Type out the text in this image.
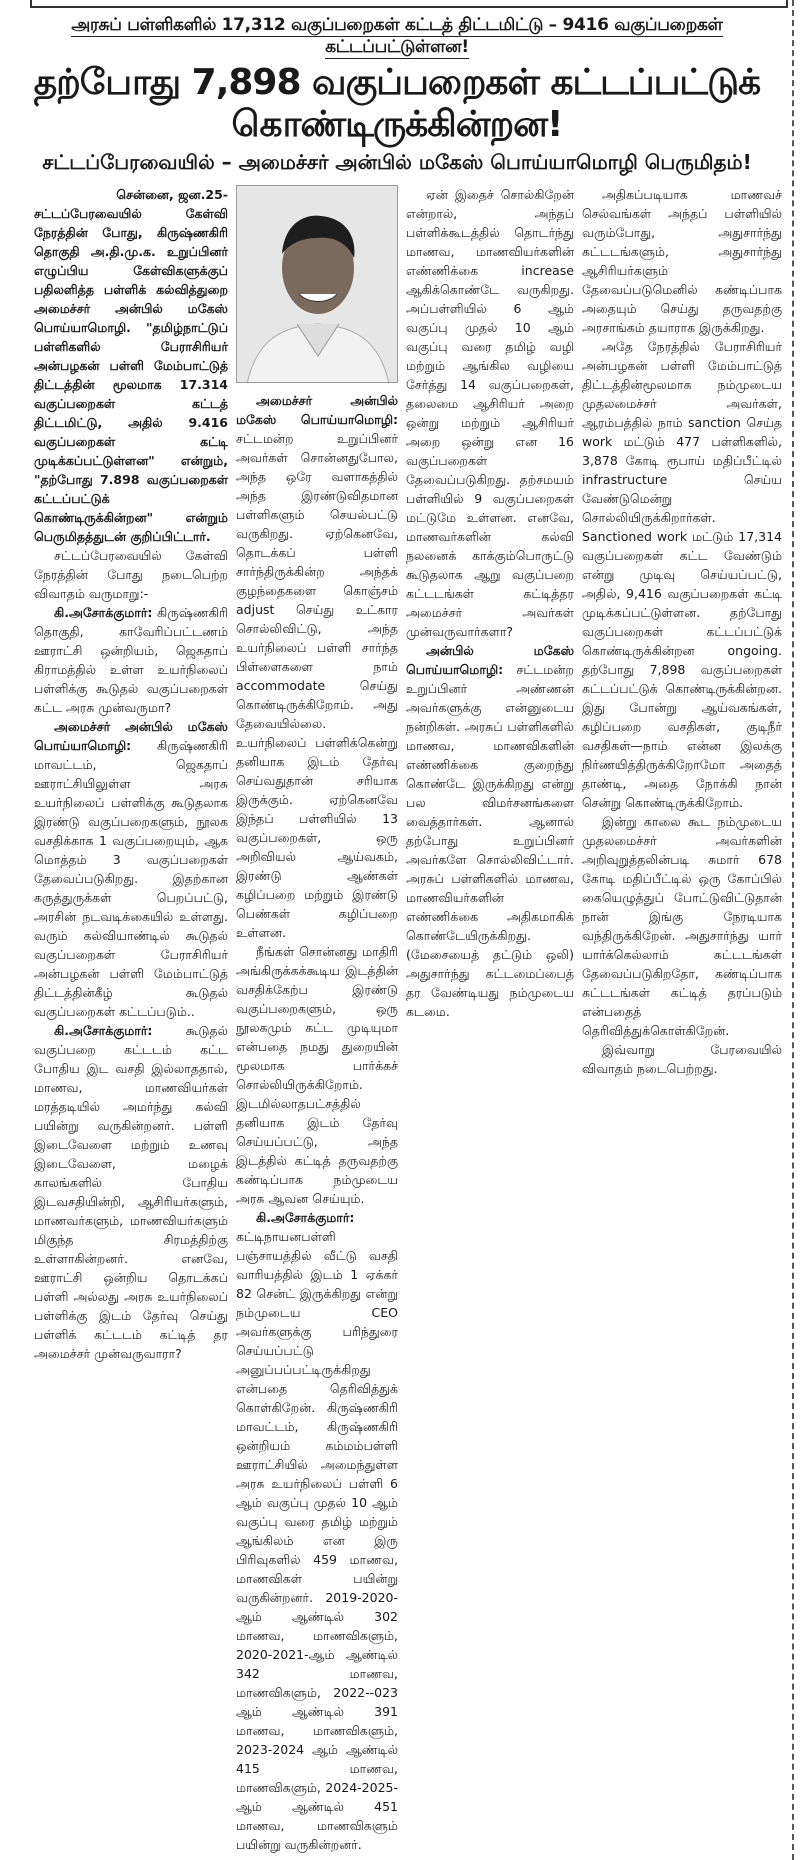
அரசுப் பள்ளிகளில் 17,312 வகுப்பறைகள் கட்டத் திட்டமிட்டு – 9416 வகுப்பறைகள் கட்டப்பட்டுள்ளன!
தற்போது 7,898 வகுப்பறைகள் கட்டப்பட்டுக் கொண்டிருக்கின்றன!
சட்டப்பேரவையில் – அமைச்சர் அன்பில் மகேஸ் பொய்யாமொழி பெருமிதம்!
சென்னை, ஜன.25-

சட்டப்பேரவையில் கேள்வி நேரத்தின் போது, கிருஷ்ணகிரி தொகுதி அ.தி.மு.க. உறுப்பினர் எழுப்பிய கேள்விகளுக்குப் பதிலளித்த பள்ளிக் கல்வித்துறை அமைச்சர் அன்பில் மகேஸ் பொய்யாமொழி. "தமிழ்நாட்டுப் பள்ளிகளில் பேராசிரியர் அன்பழகன் பள்ளி மேம்பாட்டுத் திட்டத்தின் மூலமாக 17.314 வகுப்பறைகள் கட்டத் திட்டமிட்டு, அதில் 9.416 வகுப்பறைகள் கட்டி முடிக்கப்பட்டுள்ளன" என்றும், "தற்போது 7.898 வகுப்பறைகள் கட்டப்பட்டுக் கொண்டிருக்கின்றன" என்றும் பெருமிதத்துடன் குறிப்பிட்டார்.

சட்டப்பேரவையில் கேள்வி நேரத்தின் போது நடைபெற்ற விவாதம் வருமாறு:-

கி.அசோக்குமார்: கிருஷ்ணகிரி தொகுதி, காவேரிப்பட்டணம் ஊராட்சி ஒன்றியம், ஜெகதாப் கிராமத்தில் உள்ள உயர்நிலைப் பள்ளிக்கு கூடுதல் வகுப்பறைகள் கட்ட அரசு முன்வருமா?

அமைச்சர் அன்பில் மகேஸ் பொய்யாமொழி: கிருஷ்ணகிரி மாவட்டம், ஜெகதாப் ஊராட்சியிலுள்ள அரசு உயர்நிலைப் பள்ளிக்கு கூடுதலாக இரண்டு வகுப்பறைகளும், நூலக வசதிக்காக 1 வகுப்பறையும், ஆக மொத்தம் 3 வகுப்பறைகள் தேவைப்படுகிறது. இதற்கான கருத்துருக்கள் பெறப்பட்டு, அரசின் நடவடிக்கையில் உள்ளது. வரும் கல்வியாண்டில் கூடுதல் வகுப்பறைகள் பேராசிரியர் அன்பழகன் பள்ளி மேம்பாட்டுத் திட்டத்தின்கீழ் கூடுதல் வகுப்பறைகள் கட்டப்படும்..

கி.அசோக்குமார்: கூடுதல் வகுப்பறை கட்டடம் கட்ட போதிய இட வசதி இல்லாததால், மாணவ, மாணவியர்கள் மரத்தடியில் அமர்ந்து கல்வி பயின்று வருகின்றனர். பள்ளி இடைவேளை மற்றும் உணவு இடைவேளை, மழைக் காலங்களில் போதிய இடவசதியின்றி, ஆசிரியர்களும், மாணவர்களும், மாணவியர்களும் மிகுந்த சிரமத்திற்கு உள்ளாகின்றனர். எனவே, ஊராட்சி ஒன்றிய தொடக்கப் பள்ளி அல்லது அரசு உயர்நிலைப் பள்ளிக்கு இடம் தேர்வு செய்து பள்ளிக் கட்டடம் கட்டித் தர அமைச்சர் முன்வருவாரா?

அமைச்சர் அன்பில் மகேஸ் பொய்யாமொழி: சட்டமன்ற உறுப்பினர் அவர்கள் சொன்னதுபோல, அந்த ஒரே வளாகத்தில் அந்த இரண்டுவிதமான பள்ளிகளும் செயல்பட்டு வருகிறது. ஏற்கெனவே, தொடக்கப் பள்ளி சார்ந்திருக்கின்ற அந்தக் குழந்தைகளை கொஞ்சம் adjust செய்து உட்கார சொல்லிவிட்டு, அந்த உயர்நிலைப் பள்ளி சார்ந்த பிள்ளைகளை நாம் accommodate செய்து கொண்டிருக்கிறோம். அது தேவையில்லை. உயர்நிலைப் பள்ளிக்கென்று தனியாக இடம் தேர்வு செய்வதுதான் சரியாக இருக்கும். ஏற்கெனவே இந்தப் பள்ளியில் 13 வகுப்பறைகள், ஒரு அறிவியல் ஆய்வகம், இரண்டு ஆண்கள் கழிப்பறை மற்றும் இரண்டு பெண்கள் கழிப்பறை உள்ளன.

நீங்கள் சொன்னது மாதிரி அங்கிருக்கக்கூடிய இடத்தின் வசதிக்கேற்ப இரண்டு வகுப்பறைகளும், ஒரு நூலகமும் கட்ட முடியுமா என்பதை நமது துறையின் மூலமாக பார்க்கச் சொல்லியிருக்கிறோம். இடமில்லாதபட்சத்தில் தனியாக இடம் தேர்வு செய்யப்பட்டு, அந்த இடத்தில் கட்டித் தருவதற்கு கண்டிப்பாக நம்முடைய அரசு ஆவன செய்யும்.

கி.அசோக்குமார்: கட்டிநாயனபள்ளி பஞ்சாயத்தில் வீட்டு வசதி வாரியத்தில் இடம் 1 ஏக்கர் 82 சென்ட் இருக்கிறது என்று நம்முடைய CEO அவர்களுக்கு பரிந்துரை செய்யப்பட்டு அனுப்பப்பட்டிருக்கிறது என்பதை தெரிவித்துக் கொள்கிறேன். கிருஷ்ணகிரி மாவட்டம், கிருஷ்ணகிரி ஒன்றியம் கம்மம்பள்ளி ஊராட்சியில் அமைந்துள்ள அரசு உயர்நிலைப் பள்ளி 6 ஆம் வகுப்பு முதல் 10 ஆம் வகுப்பு வரை தமிழ் மற்றும் ஆங்கிலம் என இரு பிரிவுகளில் 459 மாணவ, மாணவிகள் பயின்று வருகின்றனர். 2019-2020-ஆம் ஆண்டில் 302 மாணவ, மாணவிகளும், 2020-2021-ஆம் ஆண்டில் 342 மாணவ, மாணவிகளும், 2022--023 ஆம் ஆண்டில் 391 மாணவ, மாணவிகளும், 2023-2024 ஆம் ஆண்டில் 415 மாணவ, மாணவிகளும், 2024-2025-ஆம் ஆண்டில் 451 மாணவ, மாணவிகளும் பயின்று வருகின்றனர்.

ஏன் இதைச் சொல்கிறேன் என்றால், அந்தப் பள்ளிக்கூடத்தில் தொடர்ந்து மாணவ, மாணவியர்களின் எண்ணிக்கை increase ஆகிக்கொண்டே வருகிறது. அப்பள்ளியில் 6 ஆம் வகுப்பு முதல் 10 ஆம் வகுப்பு வரை தமிழ் வழி மற்றும் ஆங்கில வழியை சேர்த்து 14 வகுப்பறைகள், தலைமை ஆசிரியர் அறை ஒன்று மற்றும் ஆசிரியர் அறை ஒன்று என 16 வகுப்பறைகள் தேவைப்படுகிறது. தற்சமயம் பள்ளியில் 9 வகுப்பறைகள் மட்டுமே உள்ளன. எனவே, மாணவர்களின் கல்வி நலனைக் காக்கும்பொருட்டு கூடுதலாக ஆறு வகுப்பறை கட்டடங்கள் கட்டித்தர அமைச்சர் அவர்கள் முன்வருவார்களா?

அன்பில் மகேஸ் பொய்யாமொழி: சட்டமன்ற உறுப்பினர் அண்ணன் அவர்களுக்கு என்னுடைய நன்றிகள். அரசுப் பள்ளிகளில் மாணவ, மாணவிகளின் எண்ணிக்கை குறைந்து கொண்டே இருக்கிறது என்று பல விமர்சனங்களை வைத்தார்கள். ஆனால் தற்போது உறுப்பினர் அவர்களே சொல்லிவிட்டார். அரசுப் பள்ளிகளில் மாணவ, மாணவியர்களின் எண்ணிக்கை அதிகமாகிக் கொண்டேயிருக்கிறது. (மேசையைத் தட்டும் ஒலி) அதுசார்ந்து கட்டமைப்பைத் தர வேண்டியது நம்முடைய கடமை.

அதிகப்படியாக மாணவச் செல்வங்கள் அந்தப் பள்ளியில் வரும்போது, அதுசார்ந்து கட்டடங்களும், அதுசார்ந்து ஆசிரியர்களும் தேவைப்படுமெனில் கண்டிப்பாக அதையும் செய்து தருவதற்கு அரசாங்கம் தயாராக இருக்கிறது.

அதே நேரத்தில் பேராசிரியர் அன்பழகன் பள்ளி மேம்பாட்டுத் திட்டத்தின்மூலமாக நம்முடைய முதலமைச்சர் அவர்கள், ஆரம்பத்தில் நாம் sanction செய்த work மட்டும் 477 பள்ளிகளில், 3,878 கோடி ரூபாய் மதிப்பீட்டில் infrastructure செய்ய வேண்டுமென்று சொல்லியிருக்கிறார்கள். Sanctioned work மட்டும் 17,314 வகுப்பறைகள் கட்ட வேண்டும் என்று முடிவு செய்யப்பட்டு, அதில், 9,416 வகுப்பறைகள் கட்டி முடிக்கப்பட்டுள்ளன. தற்போது வகுப்பறைகள் கட்டப்பட்டுக் கொண்டிருக்கின்றன ongoing. தற்போது 7,898 வகுப்பறைகள் கட்டப்பட்டுக் கொண்டிருக்கின்றன. இது போன்று ஆய்வகங்கள், கழிப்பறை வசதிகள், குடிநீர் வசதிகள்—நாம் என்ன இலக்கு நிர்ணயித்திருக்கிறோமோ அதைத் தாண்டி, அதை நோக்கி நான் சென்று கொண்டிருக்கிறோம்.

இன்று காலை கூட நம்முடைய முதலமைச்சர் அவர்களின் அறிவுறுத்தலின்படி சுமார் 678 கோடி மதிப்பீட்டில் ஒரு கோப்பில் கையெழுத்துப் போட்டுவிட்டுதான் நான் இங்கு நேரடியாக வந்திருக்கிறேன். அதுசார்ந்து யார் யார்க்கெல்லாம் கட்டடங்கள் தேவைப்படுகிறதோ, கண்டிப்பாக கட்டடங்கள் கட்டித் தரப்படும் என்பதைத் தெரிவித்துக்கொள்கிறேன்.

இவ்வாறு பேரவையில் விவாதம் நடைபெற்றது.
